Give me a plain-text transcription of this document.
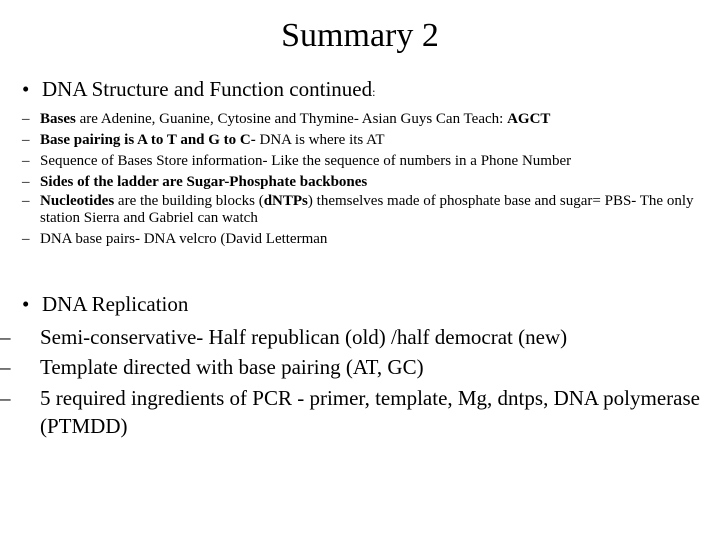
Summary 2
• DNA Structure and Function continued:
– Bases are Adenine, Guanine, Cytosine and Thymine- Asian Guys Can Teach: AGCT
– Base pairing is A to T and G to C- DNA is where its AT
– Sequence of Bases Store information- Like the sequence of numbers in a Phone Number
– Sides of the ladder are Sugar-Phosphate backbones
– Nucleotides are the building blocks (dNTPs) themselves made of phosphate base and sugar= PBS- The only station Sierra and Gabriel can watch
– DNA base pairs- DNA velcro (David Letterman
• DNA Replication
– Semi-conservative- Half republican (old) /half democrat (new)
– Template directed with base pairing (AT, GC)
– 5 required ingredients of PCR - primer, template, Mg, dntps, DNA polymerase (PTMDD)
